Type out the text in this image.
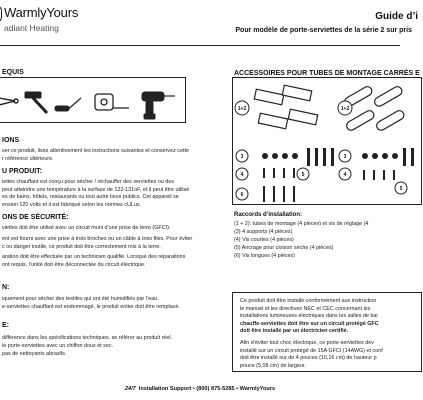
WarmlyYours
adiant Heating
Guide d’i
Pour modèle de porte-serviettes de la série 2 sur pris
EQUIS
IONS
ser ce produit, lisez attentivement les instructions suivantes et conservez cette
r référence ultérieure.
U PRODUIT:
iettes chauffant est conçu pour sécher / réchauffer des serviettes ou des
peut atteindre une température à la surface de 122-131oF, et il peut être utilisé
es de bains, hôtels, restaurants ou tout autre lieux publics. Cet appareil se
ension 120 volts et il est fabriqué selon les normes cULus.
ONS DE SÉCURITÉ:
viettes doit être utilisé avec un circuit muni d’une prise de terre (GFCI).
ent est fourni avec une prise à trois broches ou un câble à trois files. Pour éviter
c ou danger inutile, ce produit doit être correctement mis à la terre.
aration doit être effectuée par un technicien qualifié. Lorsque des réparations
ont requis, l’unité doit être déconnectée du circuit électrique.
N:
iquement pour sécher des textiles qui ont été humidifiés par l’eau.
e-serviettes chauffant est endommagé, le produit entier doit être remplacé.
E:
différence dans les spécifications techniques, se référer au produit réel.
le porte-serviettes avec un chiffon doux et sec.
pas de nettoyants abrasifs.
ACCESSOIRES POUR TUBES DE MONTAGE CARRÉS E
1+2
3
4	5
6
1+2
3
4
5
Raccords d’installation:
(1 + 2): tubes de montage (4 pièces) et vis de réglage (4
(3) 4 supports (4 pièces)
(4) Vis courtes (4 pièces)
(5) Ancrage pour cloison sèche (4 pièces)
(6) Vis longues (4 pièces)
Ce produit doit être installé conformément aux instruction
le manuel et les directives NEC et CEC concernant les
installations lumineuses électriques dans les salles de bai
chauffe-serviettes doit être sur un circuit protégé GFC
doit être installé par un électricien certifié.
Afin d’éviter tout choc électrique, ce porte-serviettes dev
installé sur un circuit protégé de 15A GFCI (14AWG) et conf
doit être installé sur de 4 pouces (10,16 cm) de hauteur p
pouce (5,08 cm) de largeur.
24/7 Installation Support • (800) 875-5285 • WarmlyYours
